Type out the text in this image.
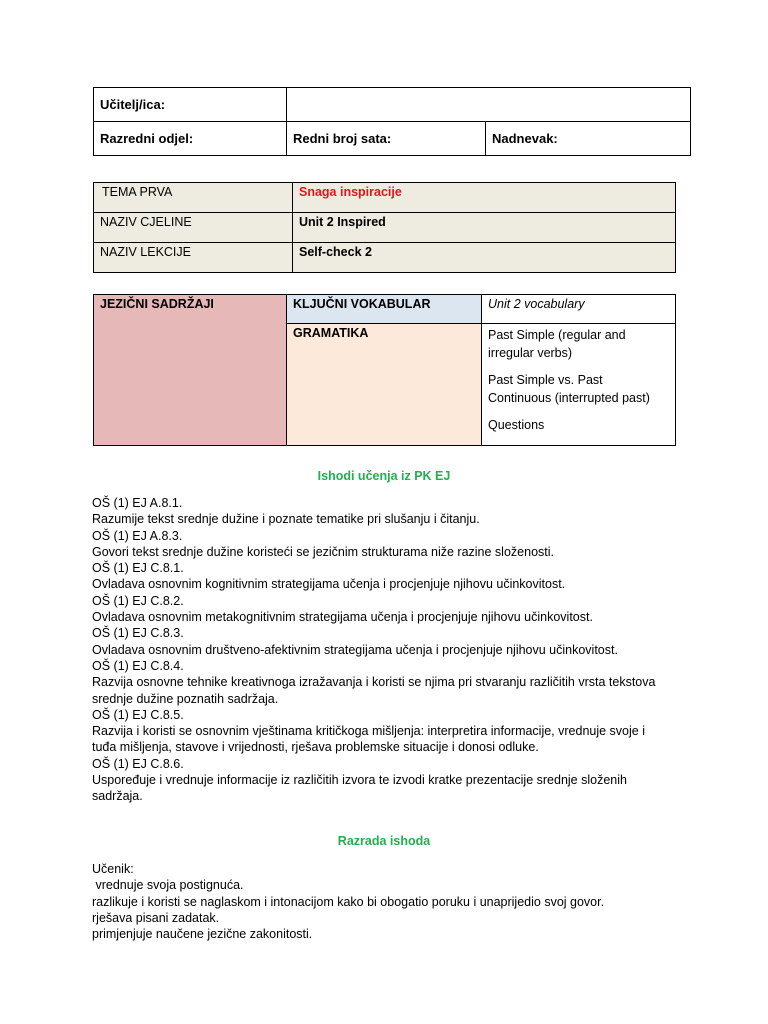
Učitelj/ica:		
Razredni odjel:	Redni broj sata:	Nadnevak:
TEMA PRVA	Snaga inspiracije
NAZIV CJELINE	Unit 2 Inspired
NAZIV LEKCIJE	Self-check 2
JEZIČNI SADRŽAJI	KLJUČNI VOKABULAR	Unit 2 vocabulary
	GRAMATIKA	Past Simple (regular and irregular verbs)

Past Simple vs. Past Continuous (interrupted past)

Questions

Ishodi učenja iz PK EJ
OŠ (1) EJ A.8.1.
Razumije tekst srednje dužine i poznate tematike pri slušanju i čitanju.
OŠ (1) EJ A.8.3.
Govori tekst srednje dužine koristeći se jezičnim strukturama niže razine složenosti.
OŠ (1) EJ C.8.1.
Ovladava osnovnim kognitivnim strategijama učenja i procjenjuje njihovu učinkovitost.
OŠ (1) EJ C.8.2.
Ovladava osnovnim metakognitivnim strategijama učenja i procjenjuje njihovu učinkovitost.
OŠ (1) EJ C.8.3.
Ovladava osnovnim društveno-afektivnim strategijama učenja i procjenjuje njihovu učinkovitost.
OŠ (1) EJ C.8.4.
Razvija osnovne tehnike kreativnoga izražavanja i koristi se njima pri stvaranju različitih vrsta tekstova
srednje dužine poznatih sadržaja.
OŠ (1) EJ C.8.5.
Razvija i koristi se osnovnim vještinama kritičkoga mišljenja: interpretira informacije, vrednuje svoje i
tuđa mišljenja, stavove i vrijednosti, rješava problemske situacije i donosi odluke.
OŠ (1) EJ C.8.6.
Uspoređuje i vrednuje informacije iz različitih izvora te izvodi kratke prezentacije srednje složenih
sadržaja.
Razrada ishoda
Učenik:
vrednuje svoja postignuća.
razlikuje i koristi se naglaskom i intonacijom kako bi obogatio poruku i unaprijedio svoj govor.
rješava pisani zadatak.
primjenjuje naučene jezične zakonitosti.
